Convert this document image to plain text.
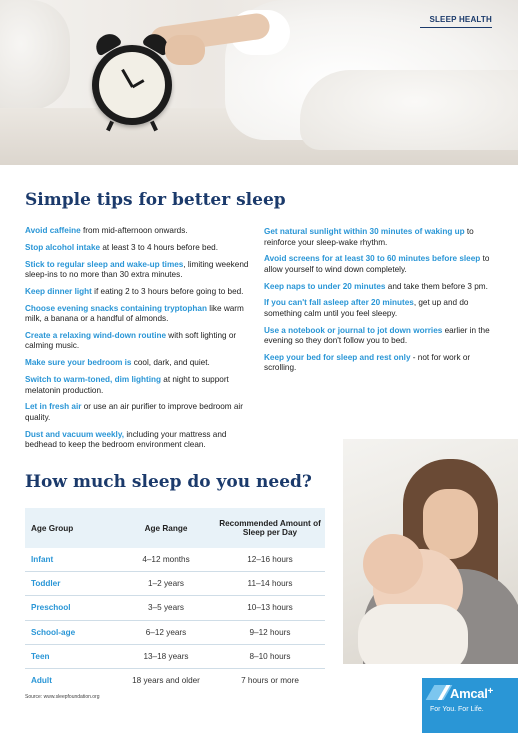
SLEEP HEALTH
Simple tips for better sleep

Avoid caffeine from mid-afternoon onwards.

Stop alcohol intake at least 3 to 4 hours before bed.

Stick to regular sleep and wake-up times, limiting weekend sleep-ins to no more than 30 extra minutes.

Keep dinner light if eating 2 to 3 hours before going to bed.

Choose evening snacks containing tryptophan like warm milk, a banana or a handful of almonds.

Create a relaxing wind-down routine with soft lighting or calming music.

Make sure your bedroom is cool, dark, and quiet.

Switch to warm-toned, dim lighting at night to support melatonin production.

Let in fresh air or use an air purifier to improve bedroom air quality.

Dust and vacuum weekly, including your mattress and bedhead to keep the bedroom environment clean.

Get natural sunlight within 30 minutes of waking up to reinforce your sleep-wake rhythm.

Avoid screens for at least 30 to 60 minutes before sleep to allow yourself to wind down completely.

Keep naps to under 20 minutes and take them before 3 pm.

If you can't fall asleep after 20 minutes, get up and do something calm until you feel sleepy.

Use a notebook or journal to jot down worries earlier in the evening so they don't follow you to bed.

Keep your bed for sleep and rest only - not for work or scrolling.

How much sleep do you need?
Age Group	Age Range	Recommended Amount of Sleep per Day
Infant	4–12 months	12–16 hours
Toddler	1–2 years	11–14 hours
Preschool	3–5 years	10–13 hours
School-age	6–12 years	9–12 hours
Teen	13–18 years	8–10 hours
Adult	18 years and older	7 hours or more
Source: www.sleepfoundation.org	Amcal+
For You. For Life.
